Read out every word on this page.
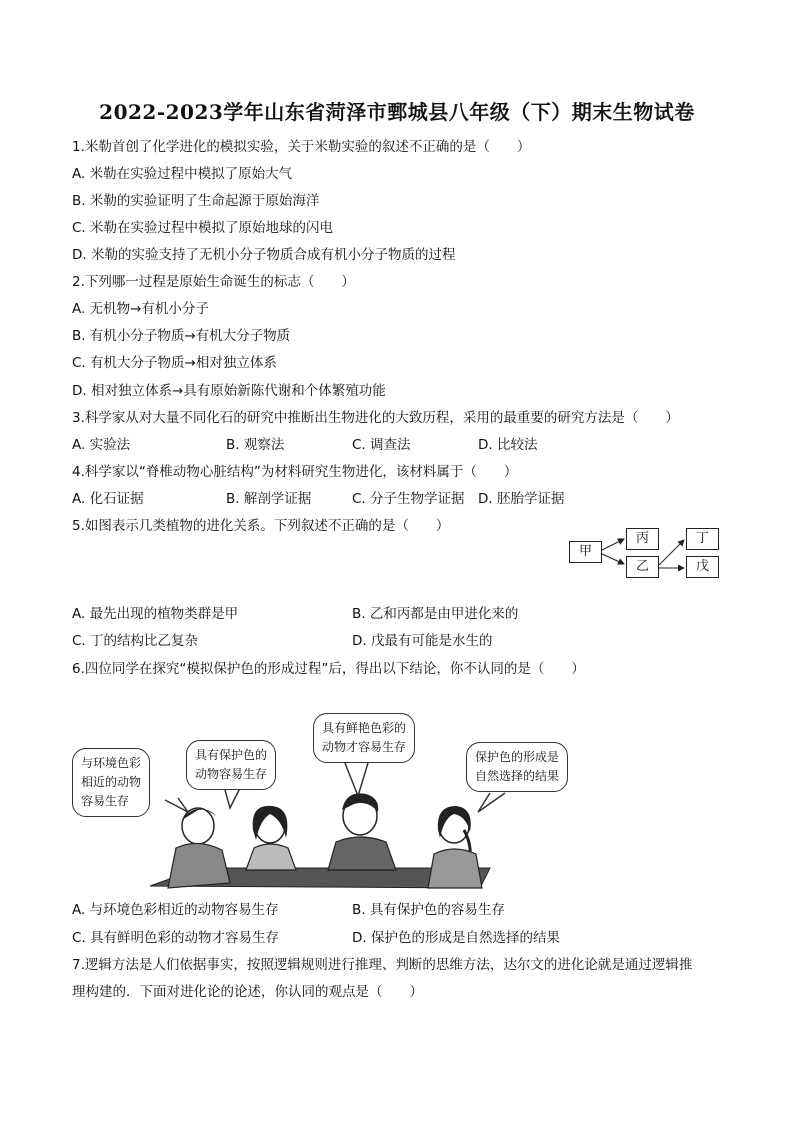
2022-2023学年山东省菏泽市鄄城县八年级（下）期末生物试卷
1.米勒首创了化学进化的模拟实验，关于米勒实验的叙述不正确的是（　　）
A. 米勒在实验过程中模拟了原始大气
B. 米勒的实验证明了生命起源于原始海洋
C. 米勒在实验过程中模拟了原始地球的闪电
D. 米勒的实验支持了无机小分子物质合成有机小分子物质的过程
2.下列哪一过程是原始生命诞生的标志（　　）
A. 无机物→有机小分子
B. 有机小分子物质→有机大分子物质
C. 有机大分子物质→相对独立体系
D. 相对独立体系→具有原始新陈代谢和个体繁殖功能
3.科学家从对大量不同化石的研究中推断出生物进化的大致历程，采用的最重要的研究方法是（　　）
A. 实验法	B. 观察法	C. 调查法	D. 比较法
4.科学家以“脊椎动物心脏结构”为材料研究生物进化，该材料属于（　　）
A. 化石证据	B. 解剖学证据	C. 分子生物学证据 D. 胚胎学证据
5.如图表示几类植物的进化关系。下列叙述不正确的是（　　）
甲
丙
乙
丁
戊
A. 最先出现的植物类群是甲	B. 乙和丙都是由甲进化来的
C. 丁的结构比乙复杂	D. 戊最有可能是水生的
6.四位同学在探究“模拟保护色的形成过程”后，得出以下结论，你不认同的是（　　）
与环境色彩
相近的动物
容易生存
具有保护色的
动物容易生存
具有鲜艳色彩的
动物才容易生存
保护色的形成是
自然选择的结果
A. 与环境色彩相近的动物容易生存	B. 具有保护色的容易生存
C. 具有鲜明色彩的动物才容易生存	D. 保护色的形成是自然选择的结果
7.逻辑方法是人们依据事实，按照逻辑规则进行推理、判断的思维方法，达尔文的进化论就是通过逻辑推
理构建的．下面对进化论的论述，你认同的观点是（　　）
